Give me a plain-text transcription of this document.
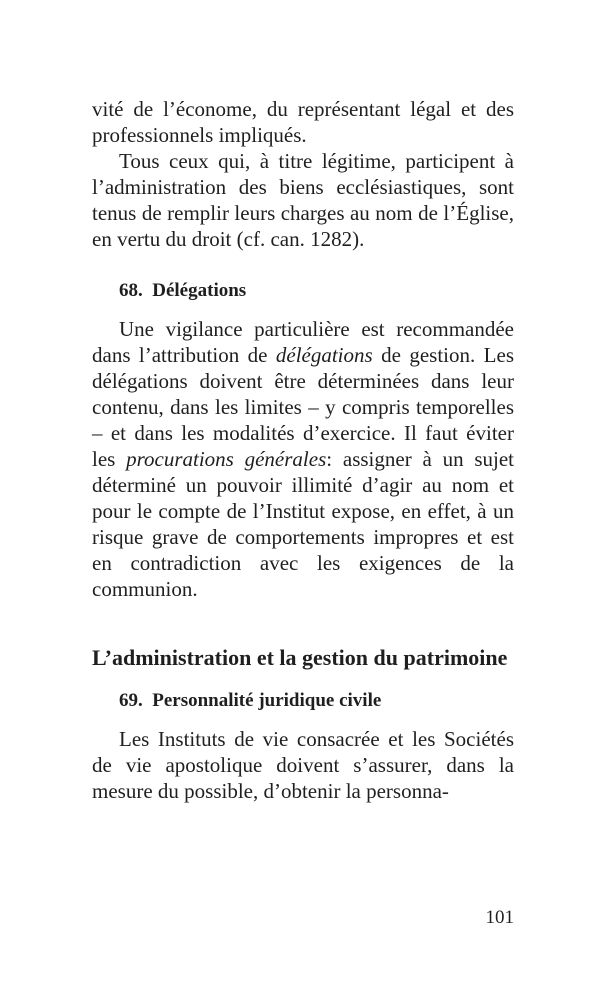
vité de l’économe, du représentant légal et des professionnels impliqués.

Tous ceux qui, à titre légitime, participent à l’administration des biens ecclésiastiques, sont tenus de remplir leurs charges au nom de l’Église, en vertu du droit (cf. can. 1282).

68. Délégations

Une vigilance particulière est recommandée dans l’attribution de délégations de gestion. Les délégations doivent être déterminées dans leur contenu, dans les limites – y compris temporelles – et dans les modalités d’exercice. Il faut éviter les procurations générales: assigner à un sujet déterminé un pouvoir illimité d’agir au nom et pour le compte de l’Institut expose, en effet, à un risque grave de comportements impropres et est en contradiction avec les exigences de la communion.

L’administration et la gestion du patrimoine
69. Personnalité juridique civile

Les Instituts de vie consacrée et les Sociétés de vie apostolique doivent s’assurer, dans la mesure du possible, d’obtenir la personna-

101
